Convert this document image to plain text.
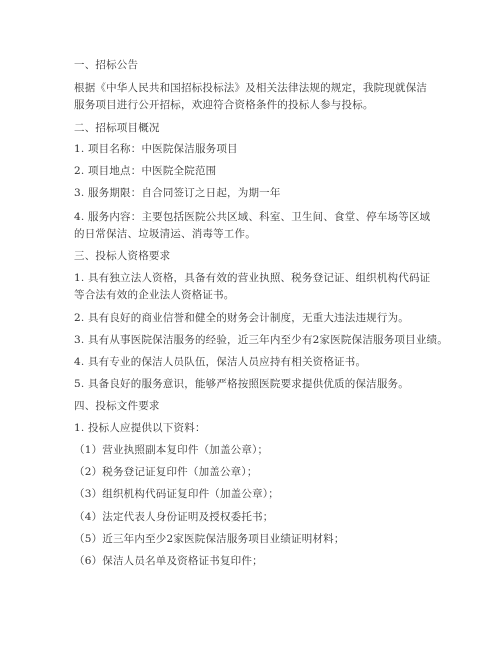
一、招标公告
根据《中华人民共和国招标投标法》及相关法律法规的规定，我院现就保洁服务项目进行公开招标，欢迎符合资格条件的投标人参与投标。
二、招标项目概况
1. 项目名称：中医院保洁服务项目
2. 项目地点：中医院全院范围
3. 服务期限：自合同签订之日起，为期一年
4. 服务内容：主要包括医院公共区域、科室、卫生间、食堂、停车场等区域的日常保洁、垃圾清运、消毒等工作。
三、投标人资格要求
1. 具有独立法人资格，具备有效的营业执照、税务登记证、组织机构代码证等合法有效的企业法人资格证书。
2. 具有良好的商业信誉和健全的财务会计制度，无重大违法违规行为。
3. 具有从事医院保洁服务的经验，近三年内至少有2家医院保洁服务项目业绩。
4. 具有专业的保洁人员队伍，保洁人员应持有相关资格证书。
5. 具备良好的服务意识，能够严格按照医院要求提供优质的保洁服务。
四、投标文件要求
1. 投标人应提供以下资料：
（1）营业执照副本复印件（加盖公章）；
（2）税务登记证复印件（加盖公章）；
（3）组织机构代码证复印件（加盖公章）；
（4）法定代表人身份证明及授权委托书；
（5）近三年内至少2家医院保洁服务项目业绩证明材料；
（6）保洁人员名单及资格证书复印件；
